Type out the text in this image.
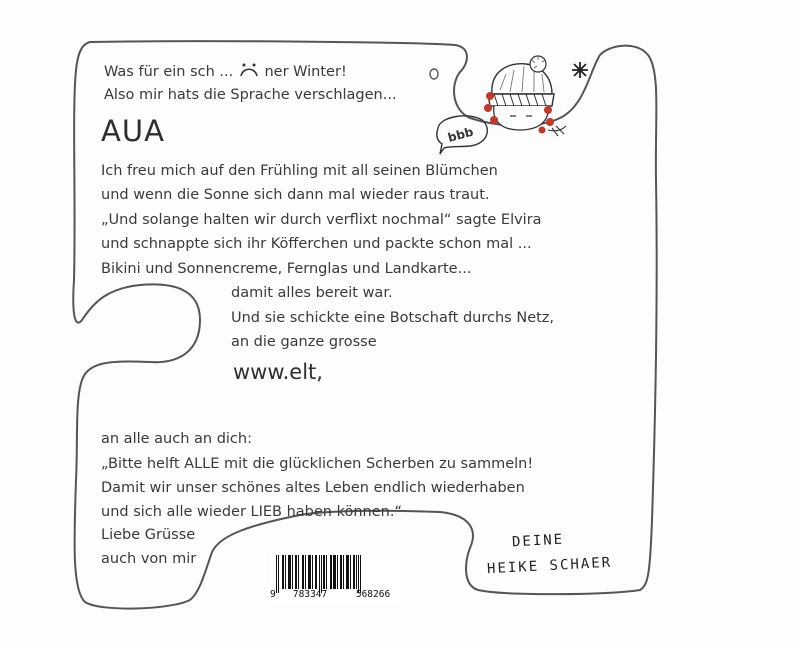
bbb
Was für ein sch ... ner Winter!
Also mir hats die Sprache verschlagen...
AUA
Ich freu mich auf den Frühling mit all seinen Blümchen
und wenn die Sonne sich dann mal wieder raus traut.
„Und solange halten wir durch verflixt nochmal“ sagte Elvira
und schnappte sich ihr Köfferchen und packte schon mal ...
Bikini und Sonnencreme, Fernglas und Landkarte...
damit alles bereit war.
Und sie schickte eine Botschaft durchs Netz,
an die ganze grosse
www.elt,
an alle auch an dich:
„Bitte helft ALLE mit die glücklichen Scherben zu sammeln!
Damit wir unser schönes altes Leben endlich wiederhaben
und sich alle wieder LIEB haben können.“
Liebe Grüsse
auch von mir
DEINE
HEIKE SCHAER
9 783347	568266
